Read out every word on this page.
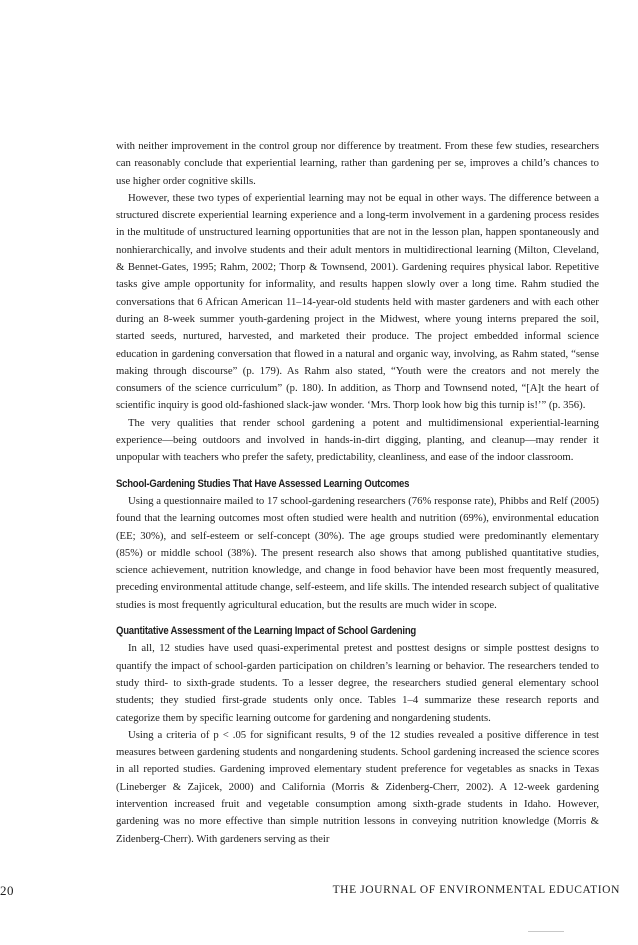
with neither improvement in the control group nor difference by treatment. From these few studies, researchers can reasonably conclude that experiential learning, rather than gardening per se, improves a child’s chances to use higher order cognitive skills.

However, these two types of experiential learning may not be equal in other ways. The difference between a structured discrete experiential learning experience and a long-term involvement in a gardening process resides in the multitude of unstructured learning opportunities that are not in the lesson plan, happen spontaneously and nonhierarchically, and involve students and their adult mentors in multidirectional learning (Milton, Cleveland, & Bennet-Gates, 1995; Rahm, 2002; Thorp & Townsend, 2001). Gardening requires physical labor. Repetitive tasks give ample opportunity for informality, and results happen slowly over a long time. Rahm studied the conversations that 6 African American 11–14-year-old students held with master gardeners and with each other during an 8-week summer youth-gardening project in the Midwest, where young interns prepared the soil, started seeds, nurtured, harvested, and marketed their produce. The project embedded informal science education in gardening conversation that flowed in a natural and organic way, involving, as Rahm stated, “sense making through discourse” (p. 179). As Rahm also stated, “Youth were the creators and not merely the consumers of the science curriculum” (p. 180). In addition, as Thorp and Townsend noted, “[A]t the heart of scientific inquiry is good old-fashioned slack-jaw wonder. ‘Mrs. Thorp look how big this turnip is!’” (p. 356).

The very qualities that render school gardening a potent and multidimensional experiential-learning experience—being outdoors and involved in hands-in-dirt digging, planting, and cleanup—may render it unpopular with teachers who prefer the safety, predictability, cleanliness, and ease of the indoor classroom.

School-Gardening Studies That Have Assessed Learning Outcomes

Using a questionnaire mailed to 17 school-gardening researchers (76% response rate), Phibbs and Relf (2005) found that the learning outcomes most often studied were health and nutrition (69%), environmental education (EE; 30%), and self-esteem or self-concept (30%). The age groups studied were predominantly elementary (85%) or middle school (38%). The present research also shows that among published quantitative studies, science achievement, nutrition knowledge, and change in food behavior have been most frequently measured, preceding environmental attitude change, self-esteem, and life skills. The intended research subject of qualitative studies is most frequently agricultural education, but the results are much wider in scope.

Quantitative Assessment of the Learning Impact of School Gardening

In all, 12 studies have used quasi-experimental pretest and posttest designs or simple posttest designs to quantify the impact of school-garden participation on children’s learning or behavior. The researchers tended to study third- to sixth-grade students. To a lesser degree, the researchers studied general elementary school students; they studied first-grade students only once. Tables 1–4 summarize these research reports and categorize them by specific learning outcome for gardening and nongardening students.

Using a criteria of p < .05 for significant results, 9 of the 12 studies revealed a positive difference in test measures between gardening students and nongardening students. School gardening increased the science scores in all reported studies. Gardening improved elementary student preference for vegetables as snacks in Texas (Lineberger & Zajicek, 2000) and California (Morris & Zidenberg-Cherr, 2002). A 12-week gardening intervention increased fruit and vegetable consumption among sixth-grade students in Idaho. However, gardening was no more effective than simple nutrition lessons in conveying nutrition knowledge (Morris & Zidenberg-Cherr). With gardeners serving as their

20	THE JOURNAL OF ENVIRONMENTAL EDUCATION
